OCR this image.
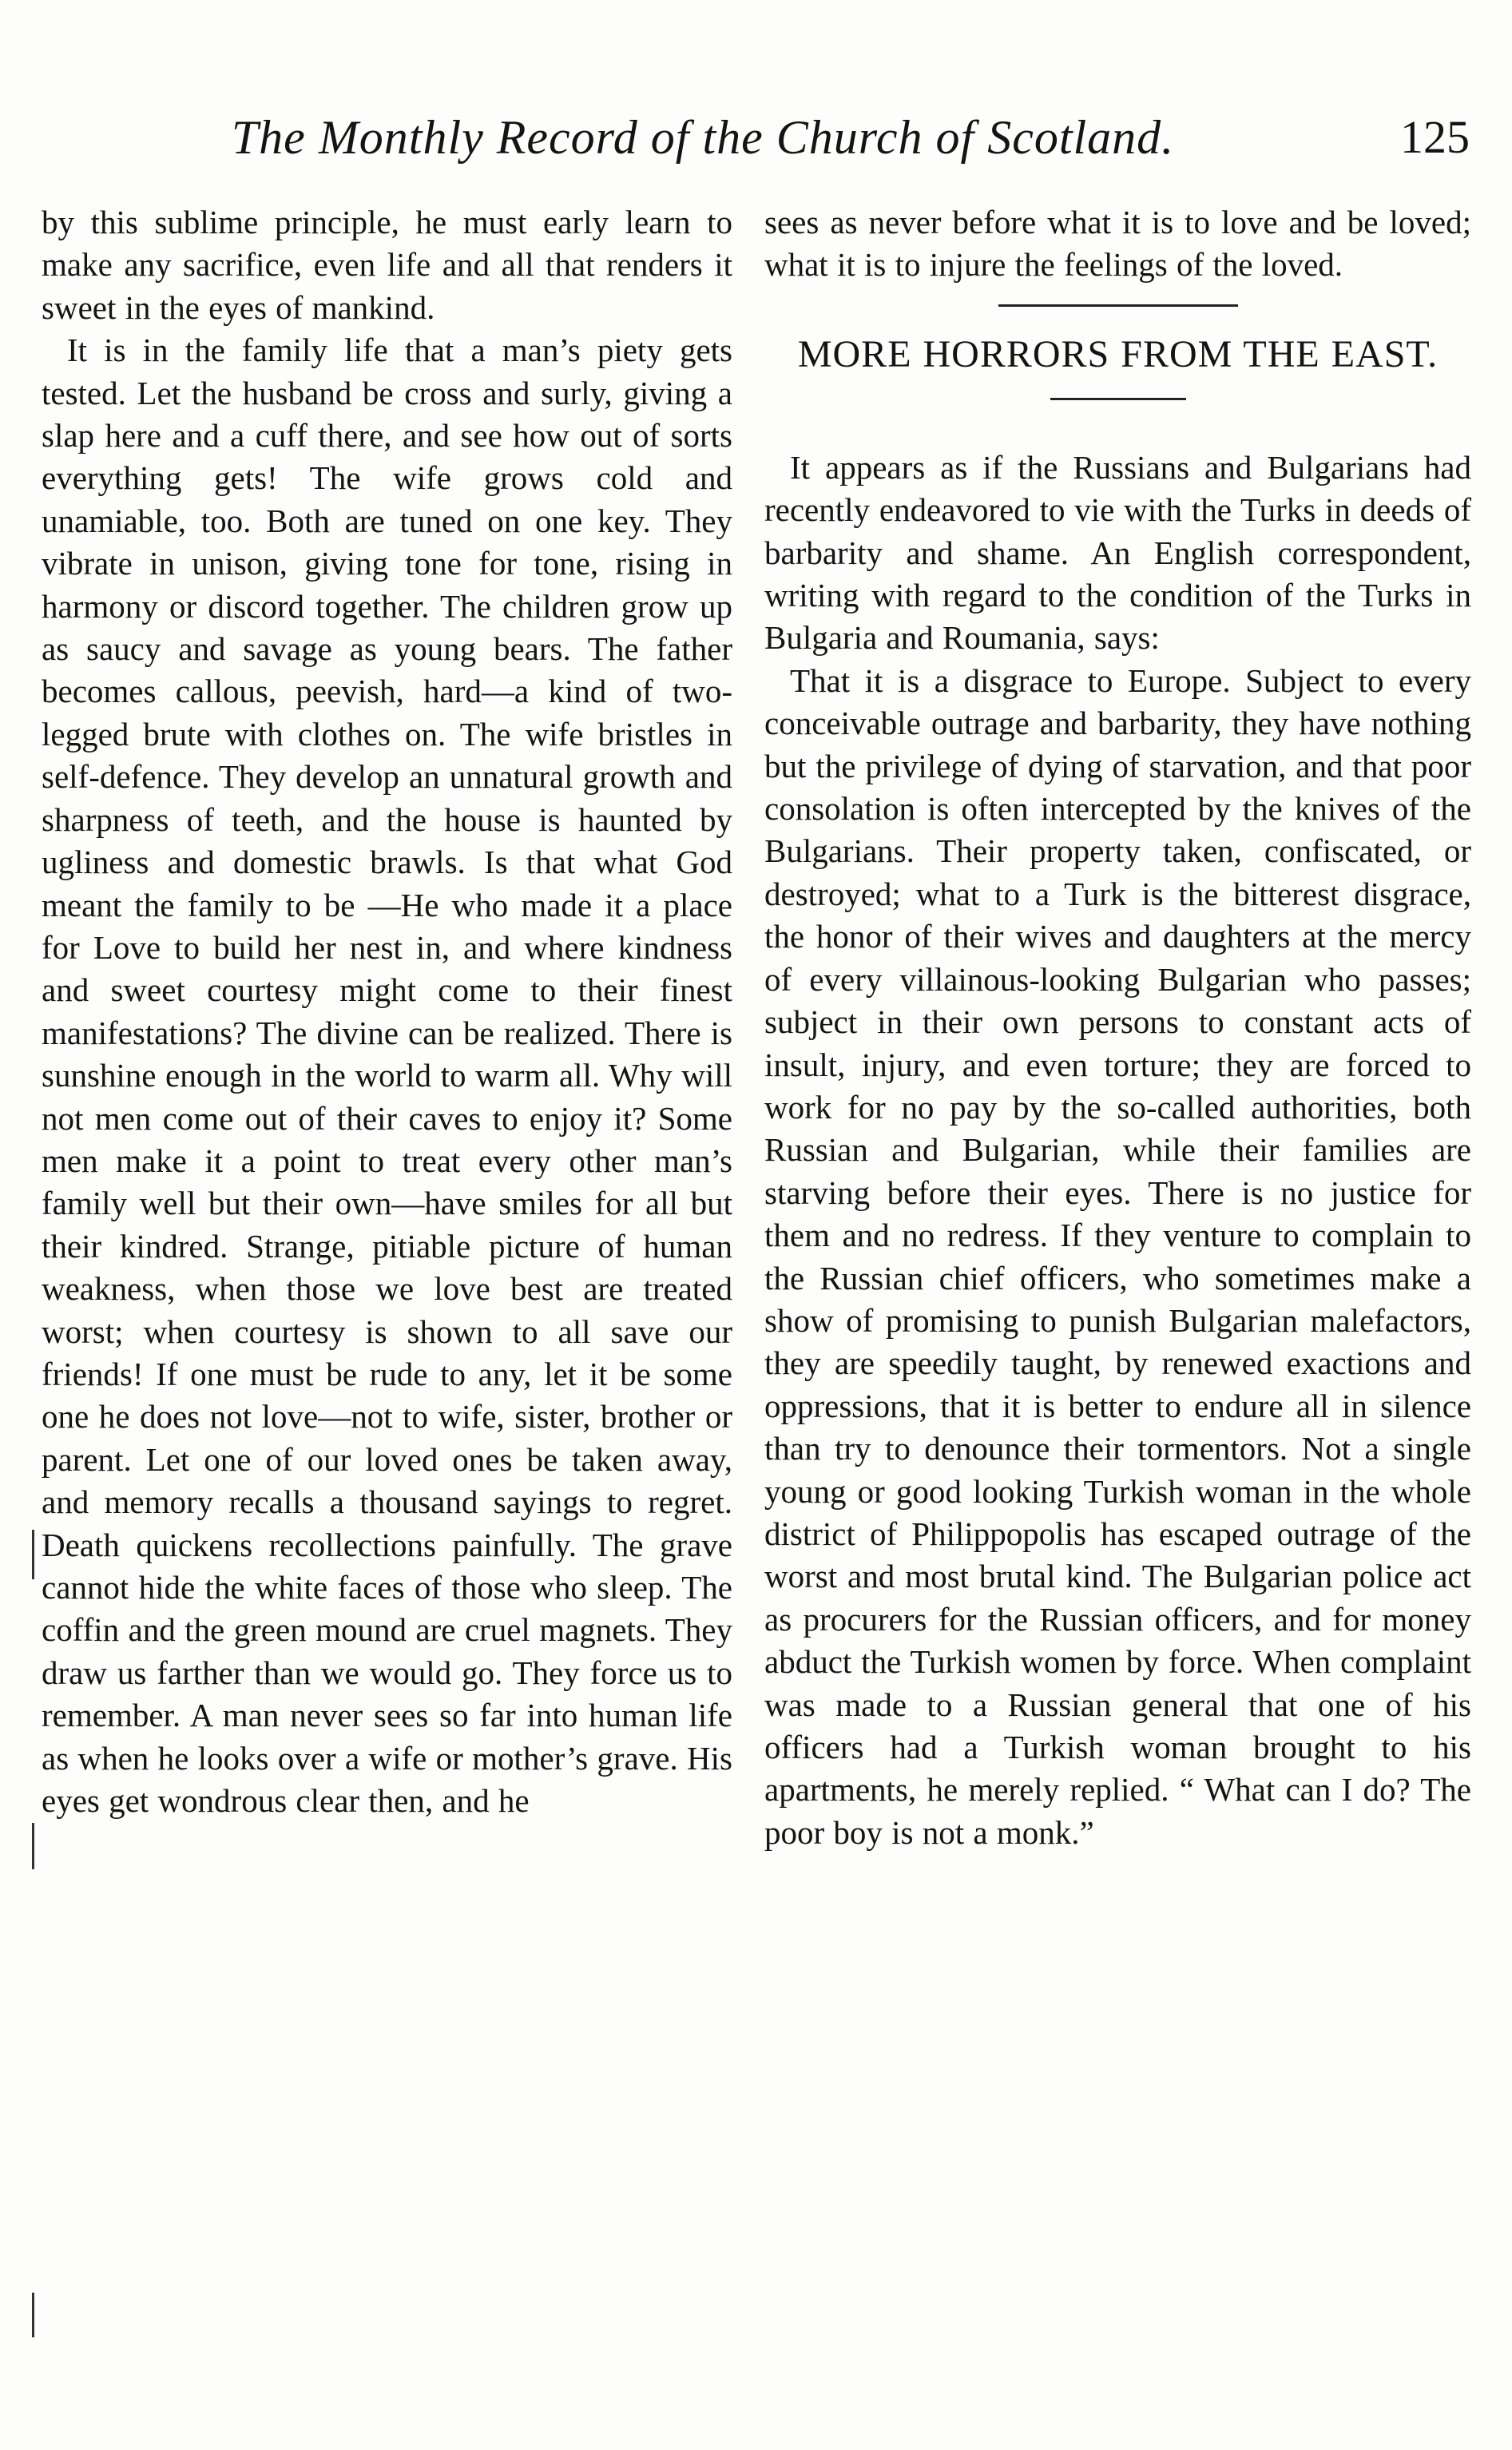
The Monthly Record of the Church of Scotland.	125

by this sublime principle, he must early learn to make any sacrifice, even life and all that renders it sweet in the eyes of mankind.

It is in the family life that a man’s piety gets tested. Let the husband be cross and surly, giving a slap here and a cuff there, and see how out of sorts everything gets! The wife grows cold and unamiable, too. Both are tuned on one key. They vibrate in unison, giving tone for tone, rising in harmony or discord together. The children grow up as saucy and savage as young bears. The father becomes callous, peevish, hard—a kind of two-legged brute with clothes on. The wife bristles in self-defence. They develop an unnatural growth and sharpness of teeth, and the house is haunted by ugliness and domestic brawls. Is that what God meant the family to be —He who made it a place for Love to build her nest in, and where kindness and sweet courtesy might come to their finest manifestations? The divine can be realized. There is sunshine enough in the world to warm all. Why will not men come out of their caves to enjoy it? Some men make it a point to treat every other man’s family well but their own—have smiles for all but their kindred. Strange, pitiable picture of human weakness, when those we love best are treated worst; when courtesy is shown to all save our friends! If one must be rude to any, let it be some one he does not love—not to wife, sister, brother or parent. Let one of our loved ones be taken away, and memory recalls a thousand sayings to regret. Death quickens recollections painfully. The grave cannot hide the white faces of those who sleep. The coffin and the green mound are cruel magnets. They draw us farther than we would go. They force us to remember. A man never sees so far into human life as when he looks over a wife or mother’s grave. His eyes get wondrous clear then, and he

sees as never before what it is to love and be loved; what it is to injure the feelings of the loved.

MORE HORRORS FROM THE EAST.

It appears as if the Russians and Bulgarians had recently endeavored to vie with the Turks in deeds of barbarity and shame. An English correspondent, writing with regard to the condition of the Turks in Bulgaria and Roumania, says:

That it is a disgrace to Europe. Subject to every conceivable outrage and barbarity, they have nothing but the privilege of dying of starvation, and that poor consolation is often intercepted by the knives of the Bulgarians. Their property taken, confiscated, or destroyed; what to a Turk is the bitterest disgrace, the honor of their wives and daughters at the mercy of every villainous-looking Bulgarian who passes; subject in their own persons to constant acts of insult, injury, and even torture; they are forced to work for no pay by the so-called authorities, both Russian and Bulgarian, while their families are starving before their eyes. There is no justice for them and no redress. If they venture to complain to the Russian chief officers, who sometimes make a show of promising to punish Bulgarian malefactors, they are speedily taught, by renewed exactions and oppressions, that it is better to endure all in silence than try to denounce their tormentors. Not a single young or good looking Turkish woman in the whole district of Philippopolis has escaped outrage of the worst and most brutal kind. The Bulgarian police act as procurers for the Russian officers, and for money abduct the Turkish women by force. When complaint was made to a Russian general that one of his officers had a Turkish woman brought to his apartments, he merely replied. “ What can I do? The poor boy is not a monk.”
